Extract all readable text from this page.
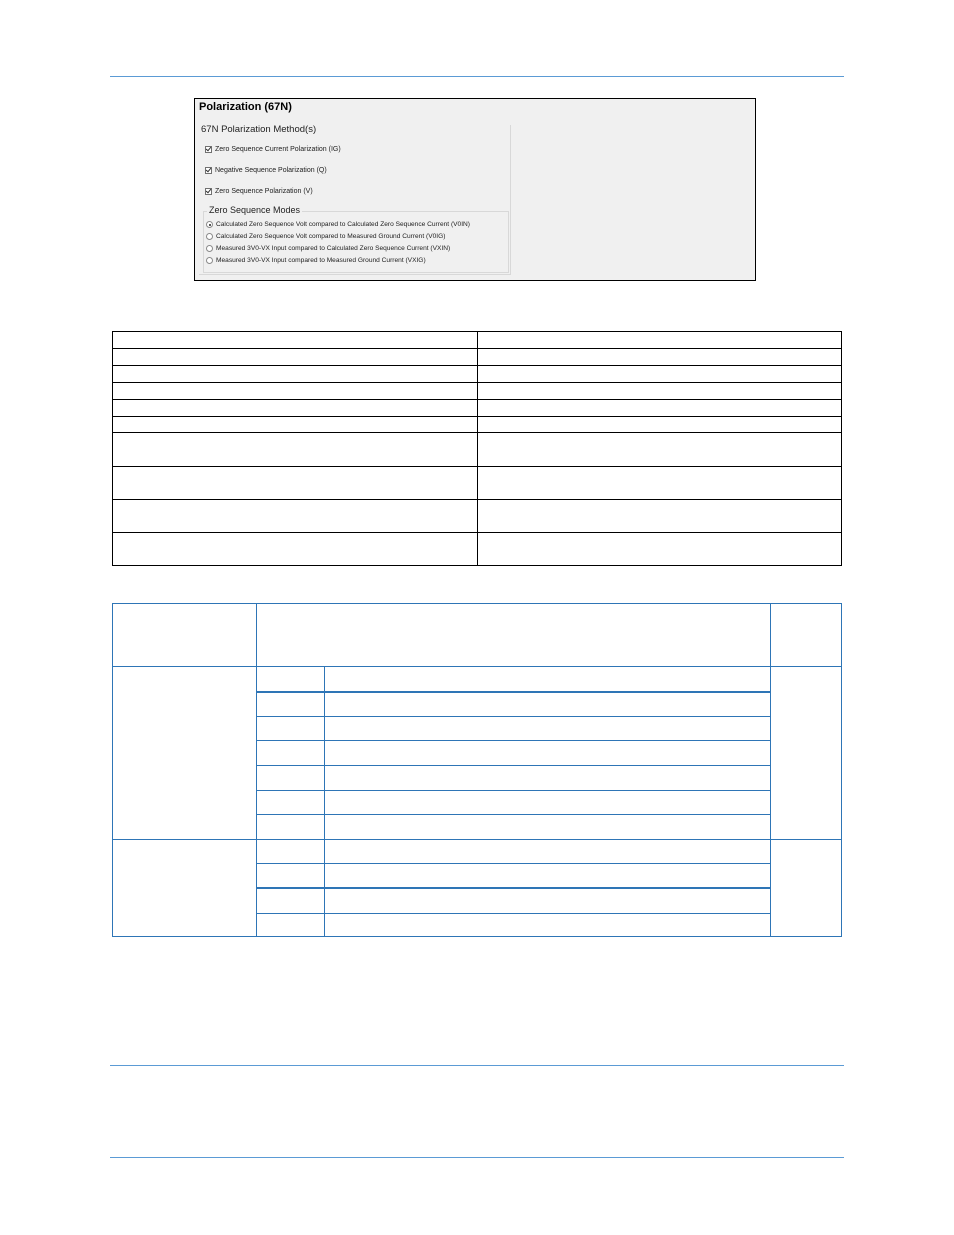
Polarization (67N)
67N Polarization Method(s)
Zero Sequence Current Polarization (IG)
Negative Sequence Polarization (Q)
Zero Sequence Polarization (V)
Zero Sequence Modes
Calculated Zero Sequence Volt compared to Calculated Zero Sequence Current (V0IN)
Calculated Zero Sequence Volt compared to Measured Ground Current (V0IG)
Measured 3V0-VX Input compared to Calculated Zero Sequence Current (VXIN)
Measured 3V0-VX Input compared to Measured Ground Current (VXIG)
